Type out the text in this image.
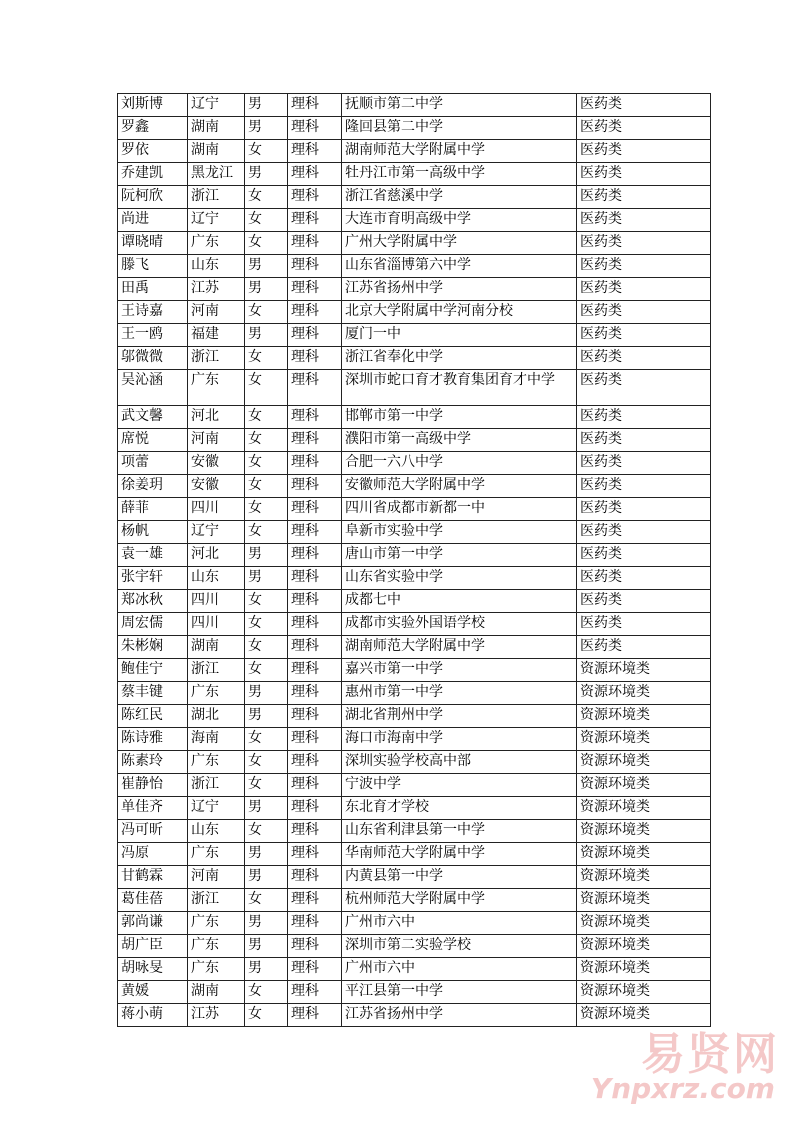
刘斯博	辽宁	男	理科	抚顺市第二中学	医药类
罗鑫	湖南	男	理科	隆回县第二中学	医药类
罗依	湖南	女	理科	湖南师范大学附属中学	医药类
乔建凯	黑龙江	男	理科	牡丹江市第一高级中学	医药类
阮柯欣	浙江	女	理科	浙江省慈溪中学	医药类
尚进	辽宁	女	理科	大连市育明高级中学	医药类
谭晓晴	广东	女	理科	广州大学附属中学	医药类
滕飞	山东	男	理科	山东省淄博第六中学	医药类
田禹	江苏	男	理科	江苏省扬州中学	医药类
王诗嘉	河南	女	理科	北京大学附属中学河南分校	医药类
王一鸥	福建	男	理科	厦门一中	医药类
邬微微	浙江	女	理科	浙江省奉化中学	医药类
吴沁涵	广东	女	理科	深圳市蛇口育才教育集团育才中学	医药类
武文馨	河北	女	理科	邯郸市第一中学	医药类
席悦	河南	女	理科	濮阳市第一高级中学	医药类
项蕾	安徽	女	理科	合肥一六八中学	医药类
徐姜玥	安徽	女	理科	安徽师范大学附属中学	医药类
薛菲	四川	女	理科	四川省成都市新都一中	医药类
杨帆	辽宁	女	理科	阜新市实验中学	医药类
袁一雄	河北	男	理科	唐山市第一中学	医药类
张宇轩	山东	男	理科	山东省实验中学	医药类
郑冰秋	四川	女	理科	成都七中	医药类
周宏儒	四川	女	理科	成都市实验外国语学校	医药类
朱彬娴	湖南	女	理科	湖南师范大学附属中学	医药类
鲍佳宁	浙江	女	理科	嘉兴市第一中学	资源环境类
蔡丰键	广东	男	理科	惠州市第一中学	资源环境类
陈红民	湖北	男	理科	湖北省荆州中学	资源环境类
陈诗雅	海南	女	理科	海口市海南中学	资源环境类
陈素玲	广东	女	理科	深圳实验学校高中部	资源环境类
崔静怡	浙江	女	理科	宁波中学	资源环境类
单佳齐	辽宁	男	理科	东北育才学校	资源环境类
冯可昕	山东	女	理科	山东省利津县第一中学	资源环境类
冯原	广东	男	理科	华南师范大学附属中学	资源环境类
甘鹤霖	河南	男	理科	内黄县第一中学	资源环境类
葛佳蓓	浙江	女	理科	杭州师范大学附属中学	资源环境类
郭尚谦	广东	男	理科	广州市六中	资源环境类
胡广臣	广东	男	理科	深圳市第二实验学校	资源环境类
胡咏旻	广东	男	理科	广州市六中	资源环境类
黄媛	湖南	女	理科	平江县第一中学	资源环境类
蒋小萌	江苏	女	理科	江苏省扬州中学	资源环境类
易贤网
Ynpxrz.com
